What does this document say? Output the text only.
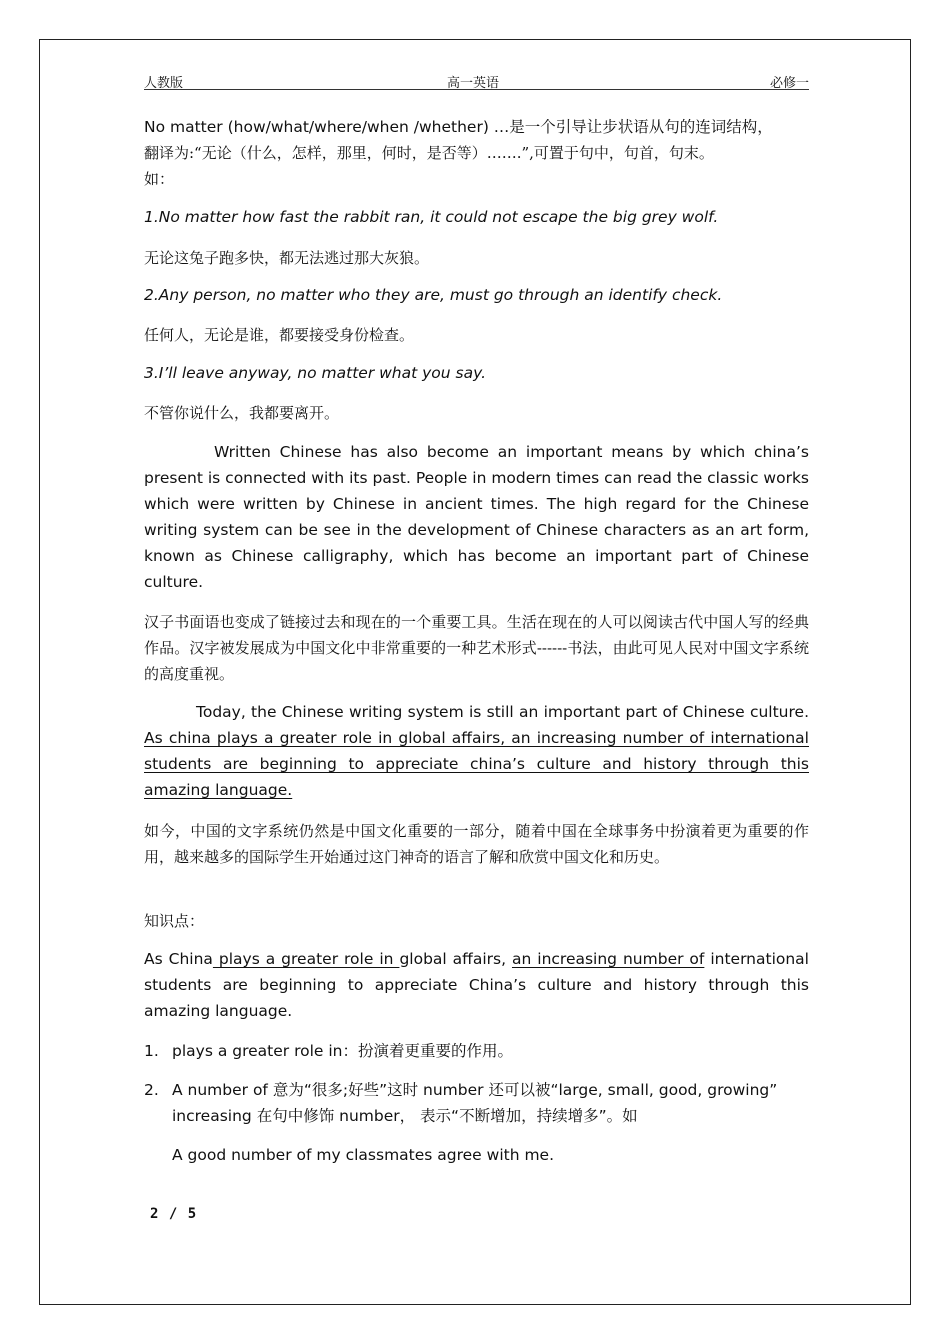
人教版	高一英语	必修一
No matter (how/what/where/when /whether) …是一个引导让步状语从句的连词结构，
翻译为:“无论（什么，怎样，那里，何时，是否等）…….”,可置于句中，句首，句末。
如：
1.No matter how fast the rabbit ran, it could not escape the big grey wolf.
无论这兔子跑多快，都无法逃过那大灰狼。
2.Any person, no matter who they are, must go through an identify check.
任何人，无论是谁，都要接受身份检查。
3.I’ll leave anyway, no matter what you say.
不管你说什么，我都要离开。
Written Chinese has also become an important means by which china’s present is connected with its past. People in modern times can read the classic works which were written by Chinese in ancient times. The high regard for the Chinese writing system can be see in the development of Chinese characters as an art form, known as Chinese calligraphy, which has become an important part of Chinese culture.
汉子书面语也变成了链接过去和现在的一个重要工具。生活在现在的人可以阅读古代中国人写的经典作品。汉字被发展成为中国文化中非常重要的一种艺术形式------书法，由此可见人民对中国文字系统的高度重视。
Today, the Chinese writing system is still an important part of Chinese culture. As china plays a greater role in global affairs, an increasing number of international students are beginning to appreciate china’s culture and history through this amazing language.
如今，中国的文字系统仍然是中国文化重要的一部分，随着中国在全球事务中扮演着更为重要的作用，越来越多的国际学生开始通过这门神奇的语言了解和欣赏中国文化和历史。
知识点：
As China plays a greater role in global affairs, an increasing number of international students are beginning to appreciate China’s culture and history through this amazing language.
1. plays a greater role in：扮演着更重要的作用。
2. A number of 意为“很多;好些”这时 number 还可以被“large, small, good, growing” increasing 在句中修饰 number， 表示“不断增加，持续增多”。如
A good number of my classmates agree with me.
2 / 5
